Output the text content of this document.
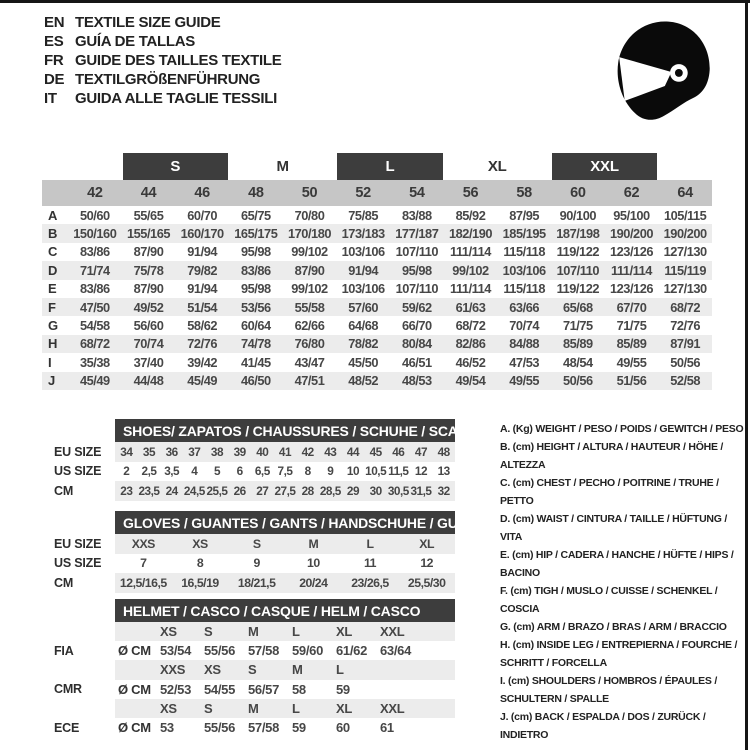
EN TEXTILE SIZE GUIDE
ES GUÍA DE TALLAS
FR GUIDE DES TAILLES TEXTILE
DE TEXTILGRÖßENFÜHRUNG
IT	GUIDA ALLE TAGLIE TESSILI
S	M	L	XL	XXL
42	44	46	48	50	52	54	56	58	60	62	64
A	50/60	55/65	60/70	65/75	70/80	75/85	83/88	85/92	87/95	90/100	95/100	105/115
B	150/160 155/165 160/170 165/175 170/180 173/183 177/187 182/190 185/195 187/198 190/200 190/200
C	83/86	87/90	91/94	95/98	99/102	103/106 107/110 111/114 115/118 119/122 123/126 127/130
D	71/74	75/78	79/82	83/86	87/90	91/94	95/98	99/102	103/106 107/110 111/114 115/119
E	83/86	87/90	91/94	95/98	99/102	103/106 107/110 111/114 115/118 119/122 123/126 127/130
F	47/50	49/52	51/54	53/56	55/58	57/60	59/62	61/63	63/66	65/68	67/70	68/72
G	54/58	56/60	58/62	60/64	62/66	64/68	66/70	68/72	70/74	71/75	71/75	72/76
H	68/72	70/74	72/76	74/78	76/80	78/82	80/84	82/86	84/88	85/89	85/89	87/91
I	35/38	37/40	39/42	41/45	43/47	45/50	46/51	46/52	47/53	48/54	49/55	50/56
J	45/49	44/48	45/49	46/50	47/51	48/52	48/53	49/54	49/55	50/56	51/56	52/58
SHOES/ ZAPATOS / CHAUSSURES / SCHUHE / SCARPE
EU SIZE	34 35 36 37 38 39 40 41 42 43 44 45 46 47 48
US SIZE	2	2,5 3,5	4	5	6	6,5 7,5	8	9	10 10,5 11,5 12 13
CM	23 23,5 24 24,5 25,5 26 27 27,5 28 28,5 29 30 30,5 31,5 32
GLOVES / GUANTES / GANTS / HANDSCHUHE / GUANTI
EU SIZE	XXS	XS	S	M	L	XL
US SIZE	7	8	9	10	11	12
CM	12,5/16,5	16,5/19	18/21,5	20/24	23/26,5	25,5/30
HELMET / CASCO / CASQUE / HELM / CASCO
XS	S	M	L	XL	XXL
FIA	Ø CM 53/54 55/56 57/58 59/60 61/62 63/64
XXS	XS	S	M	L
CMR	Ø CM 52/53 54/55 56/57 58	59
XS	S	M	L	XL	XXL
ECE	Ø CM 53	55/56 57/58 59	60	61
A. (Kg) WEIGHT / PESO / POIDS / GEWITCH / PESO
B. (cm) HEIGHT / ALTURA / HAUTEUR / HÖHE / ALTEZZA
C. (cm) CHEST / PECHO / POITRINE / TRUHE / PETTO
D. (cm) WAIST / CINTURA / TAILLE / HÜFTUNG / VITA
E. (cm) HIP / CADERA / HANCHE / HÜFTE / HIPS / BACINO
F. (cm) TIGH / MUSLO / CUISSE / SCHENKEL / COSCIA
G. (cm) ARM / BRAZO / BRAS / ARM / BRACCIO
H. (cm) INSIDE LEG / ENTREPIERNA / FOURCHE / SCHRITT / FORCELLA
I. (cm) SHOULDERS / HOMBROS / ÉPAULES / SCHULTERN / SPALLE
J. (cm) BACK / ESPALDA / DOS / ZURÜCK / INDIETRO
